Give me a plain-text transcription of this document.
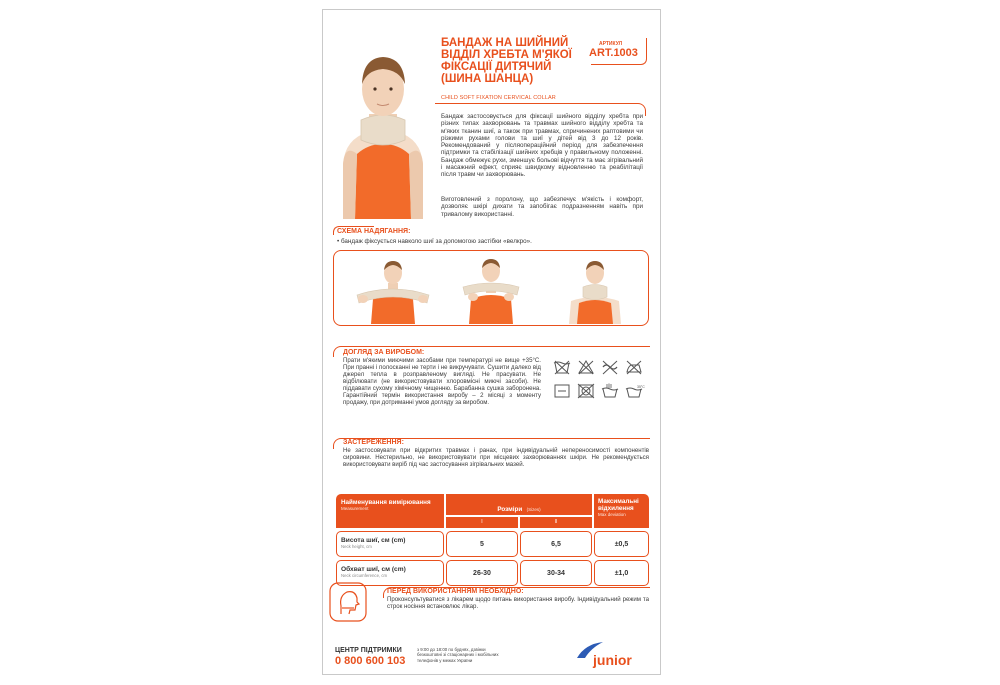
БАНДАЖ НА ШИЙНИЙ
ВІДДІЛ ХРЕБТА М'ЯКОЇ
ФІКСАЦІЇ ДИТЯЧИЙ
(ШИНА ШАНЦА)
CHILD SOFT FIXATION CERVICAL COLLAR
АРТИКУЛ
ART.1003
Бандаж застосовується для фіксації шийного відділу хребта при різних типах захворювань та травмах шийного відділу хребта та м'яких тканин шиї, а також при травмах, спричинених раптовими чи різкими рухами голови та шиї у дітей від 3 до 12 років. Рекомендований у післяопераційний період для забезпечення підтримки та стабілізації шийних хребців у правильному положенні. Бандаж обмежує рухи, зменшує больові відчуття та має зігрівальний і масажний ефект, сприяє швидкому відновленню та реабілітації після травм чи захворювань.
Виготовлений з поролону, що забезпечує м'якість і комфорт, дозволяє шкірі дихати та запобігає подразненням навіть при тривалому використанні.
СХЕМА НАДЯГАННЯ:
• бандаж фіксується навколо шиї за допомогою застібки «велкро».
ДОГЛЯД ЗА ВИРОБОМ:
Прати м'якими миючими засобами при температурі не вище +35°C. При пранні і полосканні не терти і не викручувати. Сушити далеко від джерел тепла в розправленому вигляді. Не прасувати. Не відбілювати (не використовувати хлоровмісні миючі засоби). Не піддавати сухому хімічному чищенню. Барабанна сушка заборонена. Гарантійний термін використання виробу – 2 місяці з моменту продажу, при дотриманні умов догляду за виробом.
35°C
ЗАСТЕРЕЖЕННЯ:
Не застосовувати при відкритих травмах і ранах, при індивідуальній непереносимості компонентів сировини. Нестерильно, не використовувати при місцевих захворюваннях шкіри. Не рекомендується використовувати виріб під час застосування зігрівальних мазей.
Найменування вимірювання
Measurement	Розміри (Sizes)
I	II
Максимальні відхилення
Max deviation
Висота шиї, см (cm)
Neck height, cm	5	6,5	±0,5
Обхват шиї, см (cm)
Neck circumference, cm	26-30	30-34	±1,0
ПЕРЕД ВИКОРИСТАННЯМ НЕОБХІДНО:
Проконсультуватися з лікарем щодо питань використання виробу. Індивідуальний режим та строк носіння встановлює лікар.
ЦЕНТР ПІДТРИМКИ
0 800 600 103
з 9:00 до 18:00 по буднях, дзвінки безкоштовні зі стаціонарних і мобільних телефонів у межах України	junior
